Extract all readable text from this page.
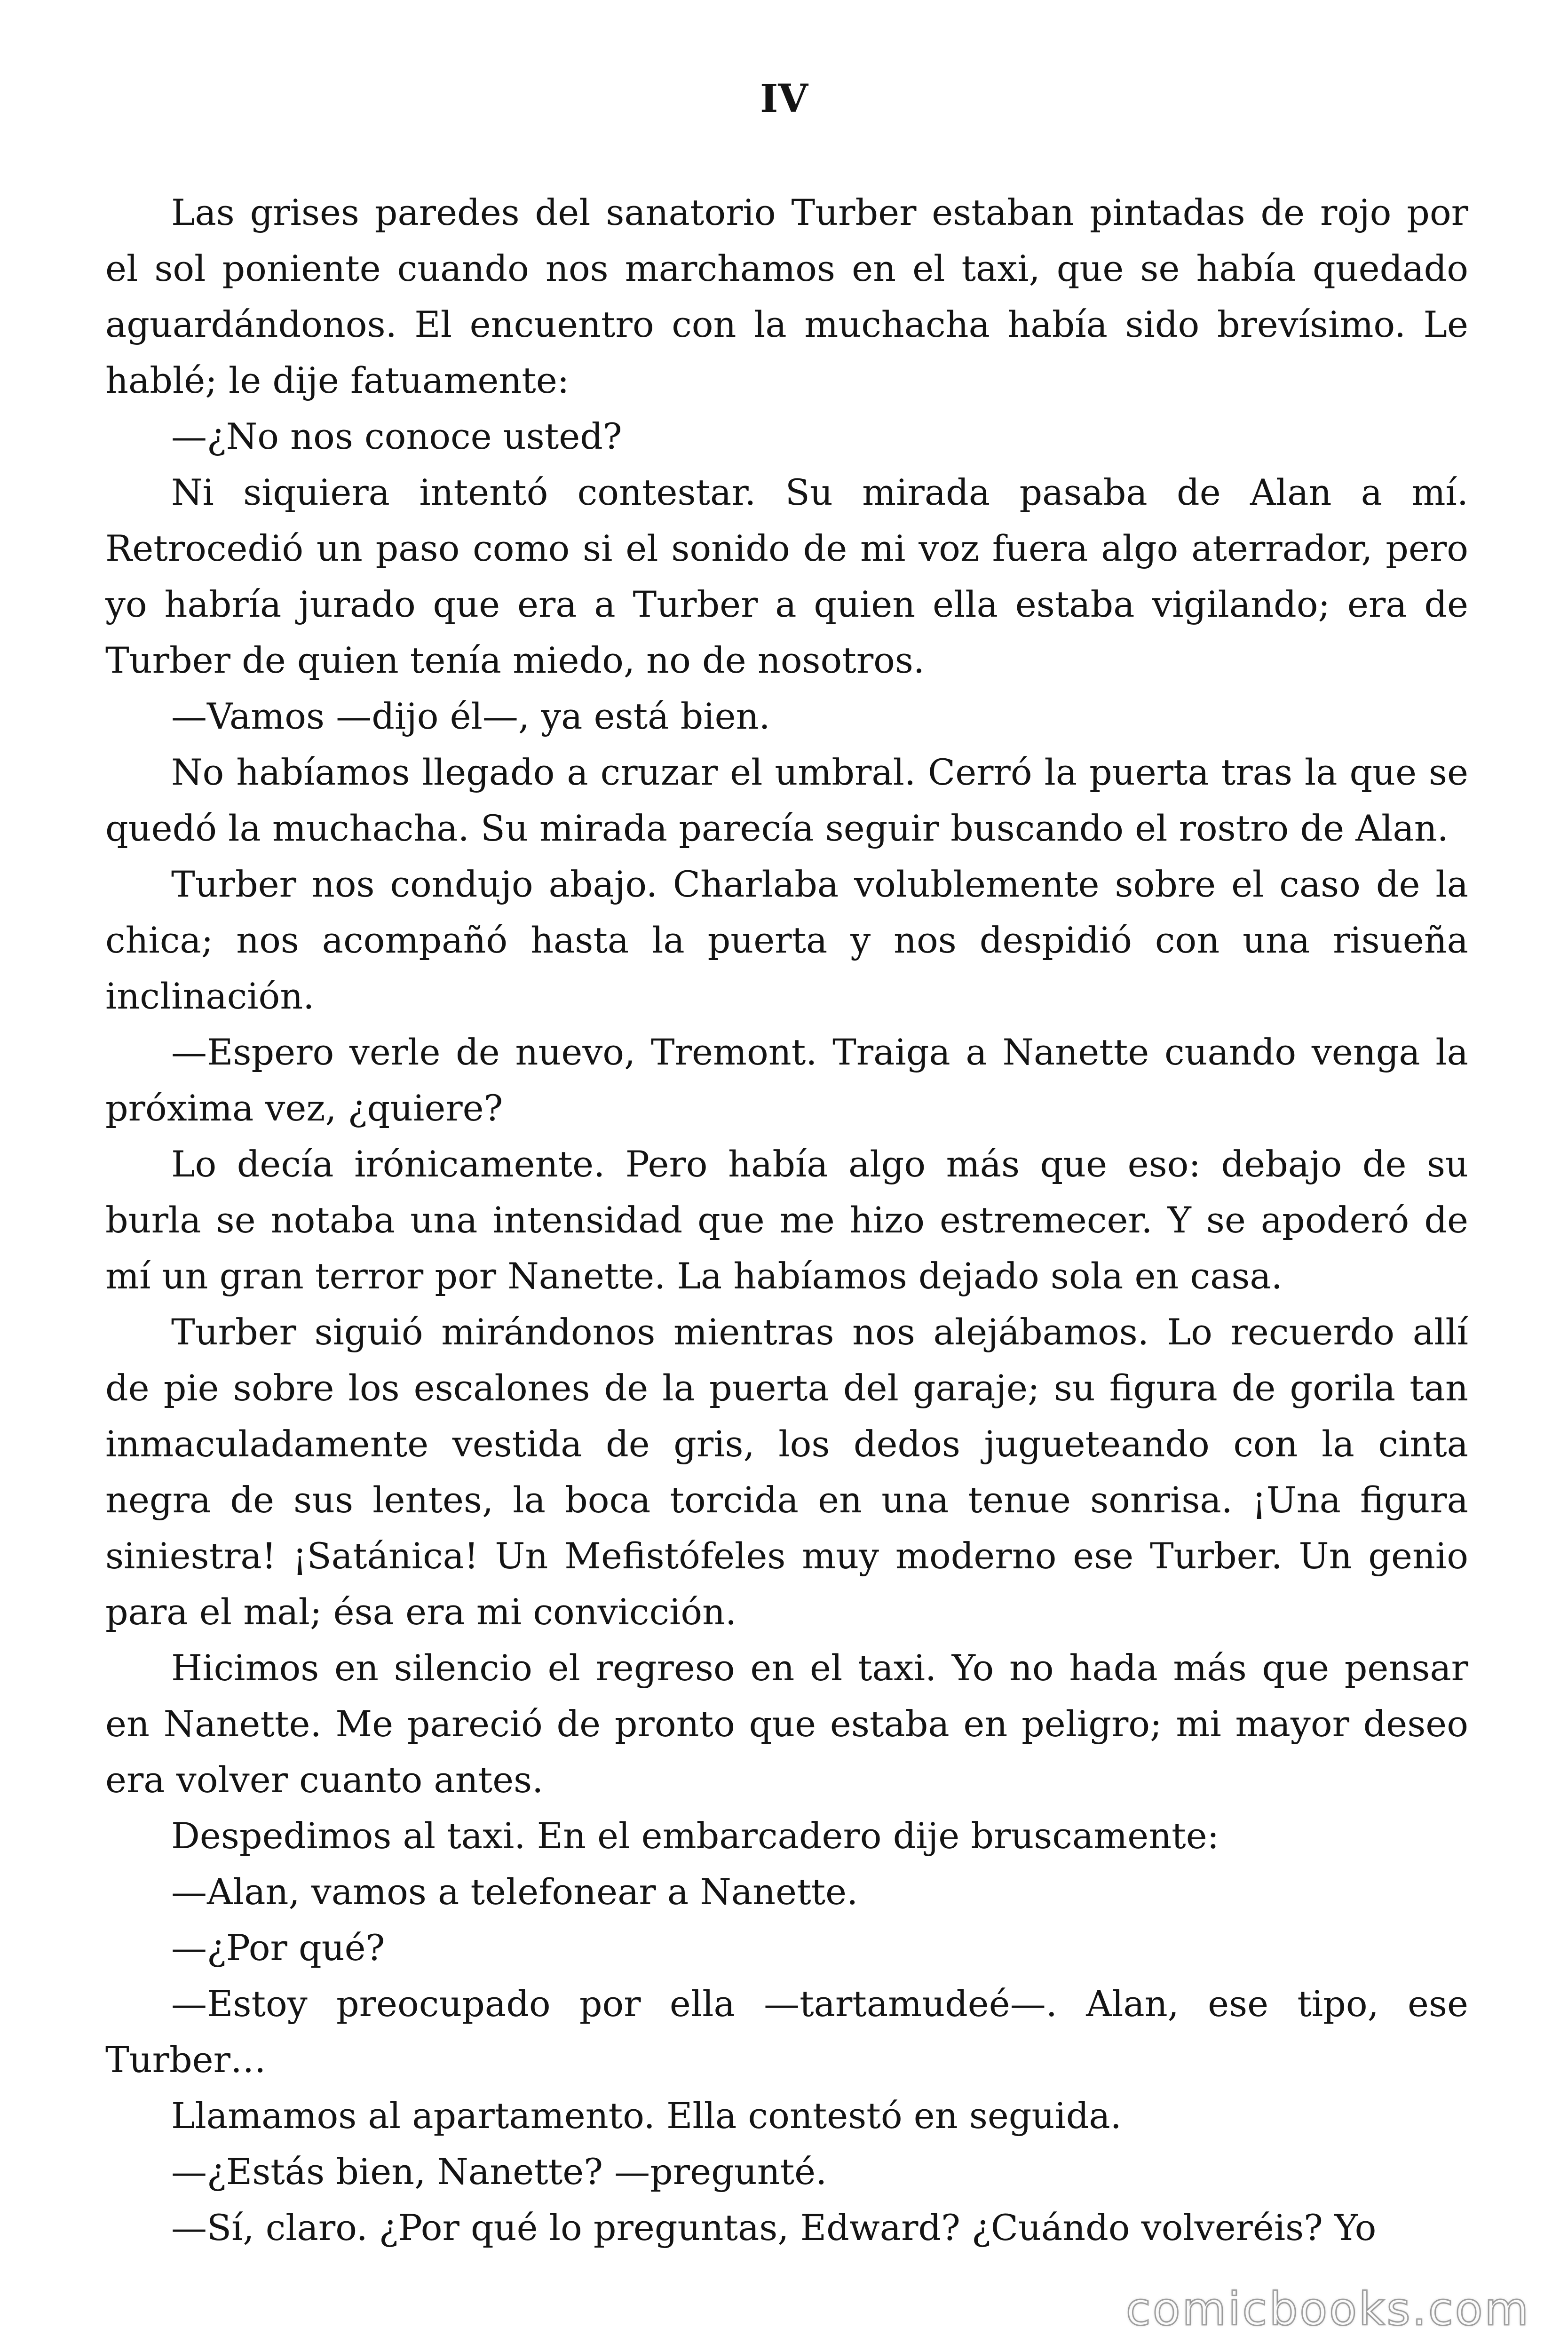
IV

Las grises paredes del sanatorio Turber estaban pintadas de rojo por el sol poniente cuando nos marchamos en el taxi, que se había quedado aguardándonos. El encuentro con la muchacha había sido brevísimo. Le hablé; le dije fatuamente:

—¿No nos conoce usted?

Ni siquiera intentó contestar. Su mirada pasaba de Alan a mí. Retrocedió un paso como si el sonido de mi voz fuera algo aterrador, pero yo habría jurado que era a Turber a quien ella estaba vigilando; era de Turber de quien tenía miedo, no de nosotros.

—Vamos —dijo él—, ya está bien.

No habíamos llegado a cruzar el umbral. Cerró la puerta tras la que se quedó la muchacha. Su mirada parecía seguir buscando el rostro de Alan.

Turber nos condujo abajo. Charlaba volublemente sobre el caso de la chica; nos acompañó hasta la puerta y nos despidió con una risueña inclinación.

—Espero verle de nuevo, Tremont. Traiga a Nanette cuando venga la próxima vez, ¿quiere?

Lo decía irónicamente. Pero había algo más que eso: debajo de su burla se notaba una intensidad que me hizo estremecer. Y se apoderó de mí un gran terror por Nanette. La habíamos dejado sola en casa.

Turber siguió mirándonos mientras nos alejábamos. Lo recuerdo allí de pie sobre los escalones de la puerta del garaje; su figura de gorila tan inmaculadamente vestida de gris, los dedos jugueteando con la cinta negra de sus lentes, la boca torcida en una tenue sonrisa. ¡Una figura siniestra! ¡Satánica! Un Mefistófeles muy moderno ese Turber. Un genio para el mal; ésa era mi convicción.

Hicimos en silencio el regreso en el taxi. Yo no hada más que pensar en Nanette. Me pareció de pronto que estaba en peligro; mi mayor deseo era volver cuanto antes.

Despedimos al taxi. En el embarcadero dije bruscamente:

—Alan, vamos a telefonear a Nanette.

—¿Por qué?

—Estoy preocupado por ella —tartamudeé—. Alan, ese tipo, ese Turber…

Llamamos al apartamento. Ella contestó en seguida.

—¿Estás bien, Nanette? —pregunté.

—Sí, claro. ¿Por qué lo preguntas, Edward? ¿Cuándo volveréis? Yo

comicbooks.com
